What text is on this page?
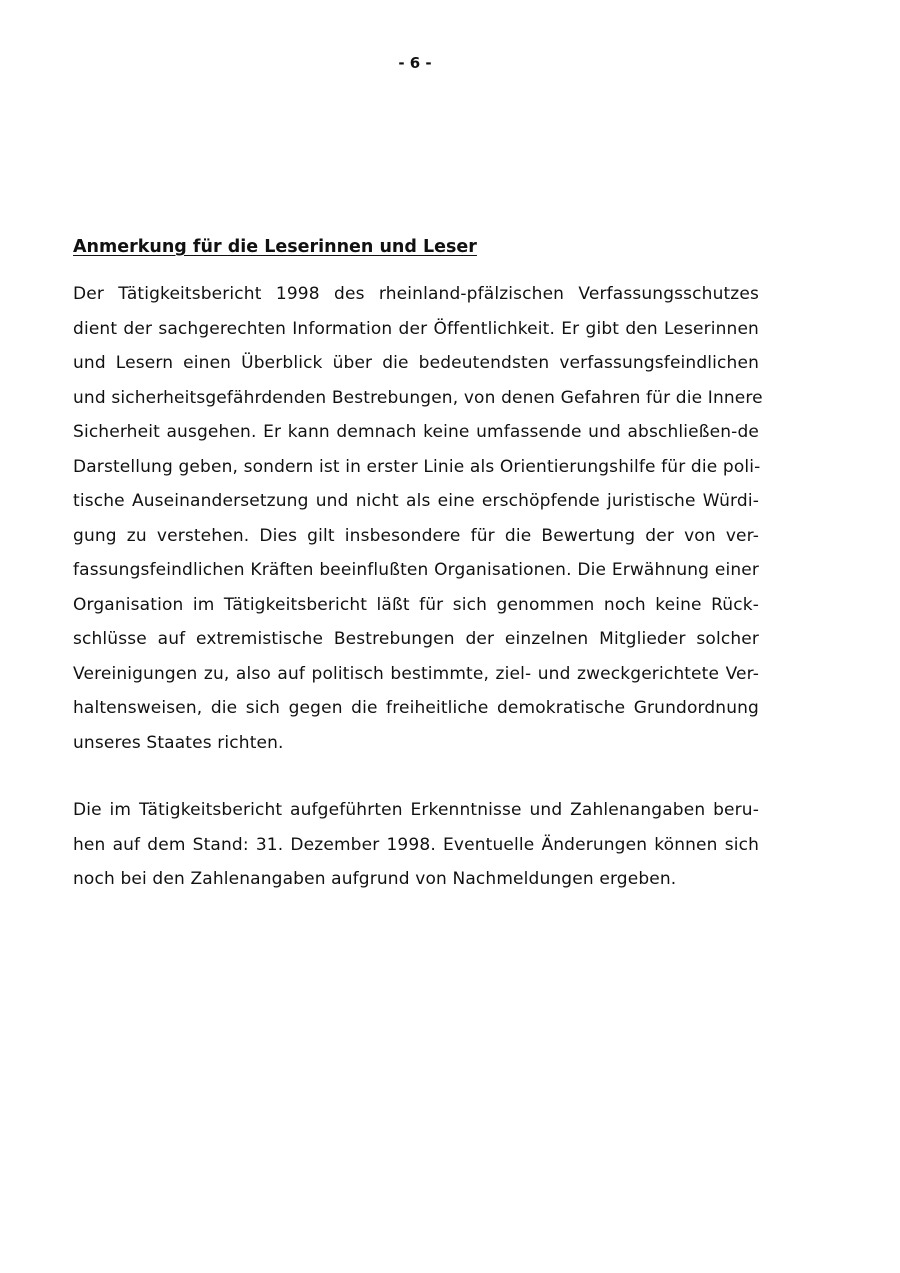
- 6 -
Anmerkung für die Leserinnen und Leser
Der Tätigkeitsbericht 1998 des rheinland-pfälzischen Verfassungsschutzes
dient der sachgerechten Information der Öffentlichkeit. Er gibt den Leserinnen
und Lesern einen Überblick über die bedeutendsten verfassungsfeindlichen
und sicherheitsgefährdenden Bestrebungen, von denen Gefahren für die Innere
Sicherheit ausgehen. Er kann demnach keine umfassende und abschließen-de
Darstellung geben, sondern ist in erster Linie als Orientierungshilfe für die poli-
tische Auseinandersetzung und nicht als eine erschöpfende juristische Würdi-
gung zu verstehen. Dies gilt insbesondere für die Bewertung der von ver-
fassungsfeindlichen Kräften beeinflußten Organisationen. Die Erwähnung einer
Organisation im Tätigkeitsbericht läßt für sich genommen noch keine Rück-
schlüsse auf extremistische Bestrebungen der einzelnen Mitglieder solcher
Vereinigungen zu, also auf politisch bestimmte, ziel- und zweckgerichtete Ver-
haltensweisen, die sich gegen die freiheitliche demokratische Grundordnung
unseres Staates richten.
Die im Tätigkeitsbericht aufgeführten Erkenntnisse und Zahlenangaben beru-
hen auf dem Stand: 31. Dezember 1998. Eventuelle Änderungen können sich
noch bei den Zahlenangaben aufgrund von Nachmeldungen ergeben.
